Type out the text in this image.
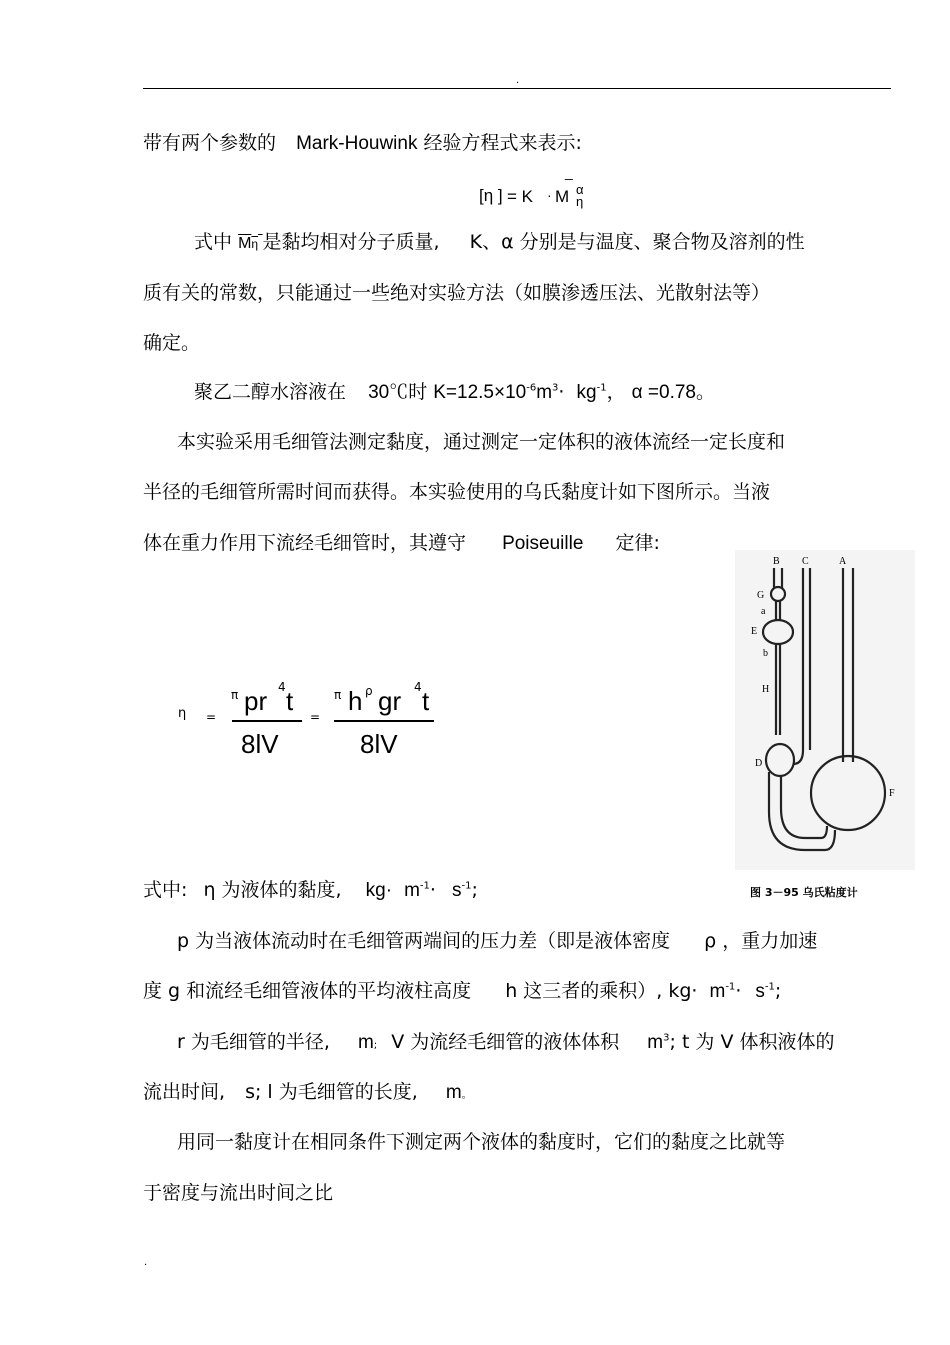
.
带有两个参数的 Mark-Houwink 经验方程式来表示:
[η ] = K ·
_
M α
η
式中 Mη 是黏均相对分子质量, K、α 分别是与温度、聚合物及溶剂的性
质有关的常数，只能通过一些绝对实验方法（如膜渗透压法、光散射法等）
确定。
聚乙二醇水溶液在 30℃时 $K=12.5\times 10^{-6}m^3\cdot kg^{-1}$， α =0.78。
本实验采用毛细管法测定黏度，通过测定一定体积的液体流经一定长度和
半径的毛细管所需时间而获得。本实验使用的乌氏黏度计如下图所示。当液
体在重力作用下流经毛细管时，其遵守 Poiseuille 定律:
η =
π pr 4 t
8lV
=
π h ρ gr 4 t
8lV
B C	A
G
a
E
b
H
D
F
图 3－95 乌氏粘度计
式中: η 为液体的黏度, $kg\cdot m^{-1}\cdot s^{-1}$;
p 为当液体流动时在毛细管两端间的压力差（即是液体密度 ρ ，重力加速
度 g 和流经毛细管液体的平均液柱高度 h 这三者的乘积）, $kg\cdot m^{-1}\cdot s^{-1}$;
r 为毛细管的半径, m; V 为流经毛细管的液体体积 $m^3$; t 为 V 体积液体的
流出时间, s; l 为毛细管的长度, m。
用同一黏度计在相同条件下测定两个液体的黏度时，它们的黏度之比就等
于密度与流出时间之比
.
